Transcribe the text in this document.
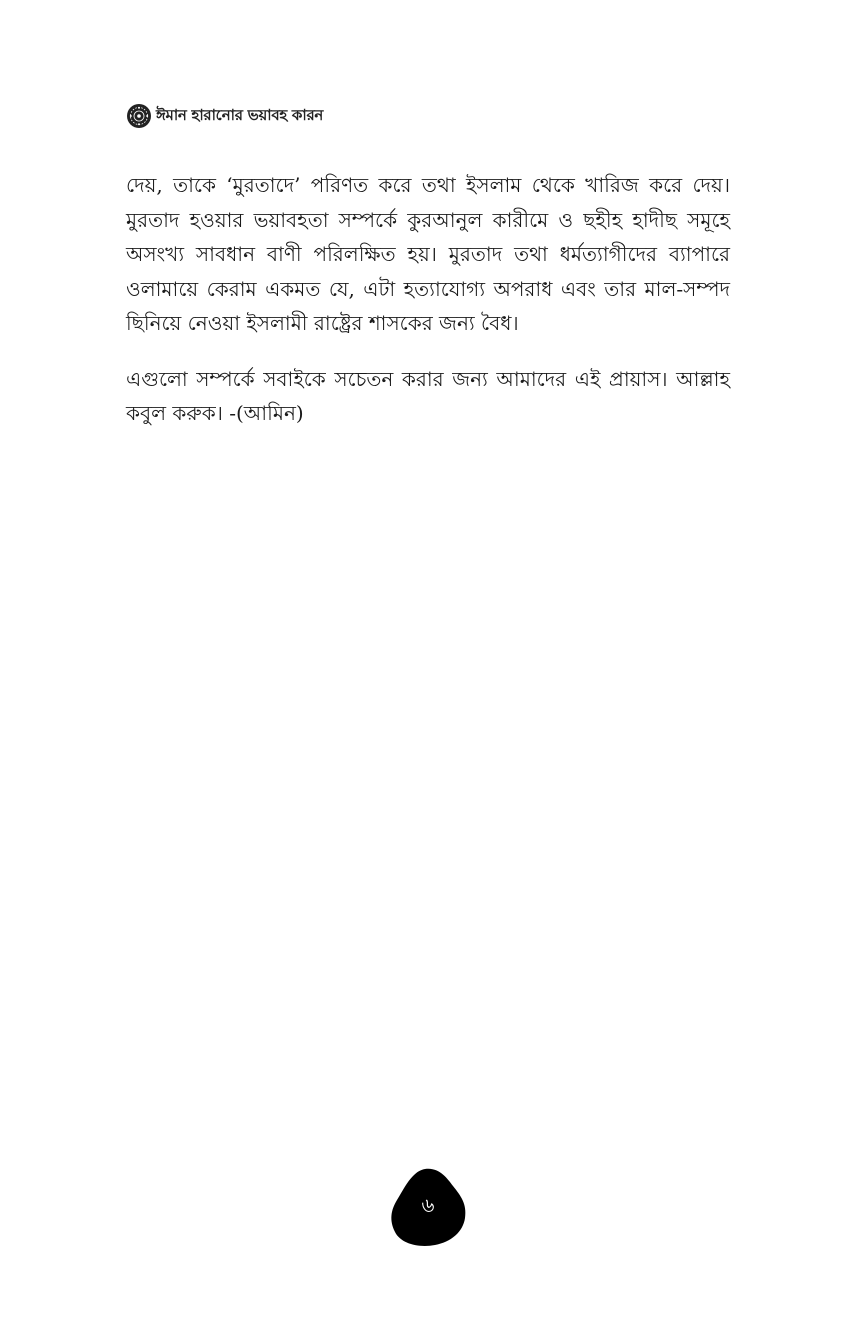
ঈমান হারানোর ভয়াবহ কারন

দেয়, তাকে ‘মুরতাদে’ পরিণত করে তথা ইসলাম থেকে খারিজ করে দেয়। মুরতাদ হওয়ার ভয়াবহতা সম্পর্কে কুরআনুল কারীমে ও ছহীহ হাদীছ সমূহে অসংখ্য সাবধান বাণী পরিলক্ষিত হয়। মুরতাদ তথা ধর্মত্যাগীদের ব্যাপারে ওলামায়ে কেরাম একমত যে, এটা হত্যাযোগ্য অপরাধ এবং তার মাল-সম্পদ ছিনিয়ে নেওয়া ইসলামী রাষ্ট্রের শাসকের জন্য বৈধ।

এগুলো সম্পর্কে সবাইকে সচেতন করার জন্য আমাদের এই প্রায়াস। আল্লাহ কবুল করুক। -(আমিন)

৬
